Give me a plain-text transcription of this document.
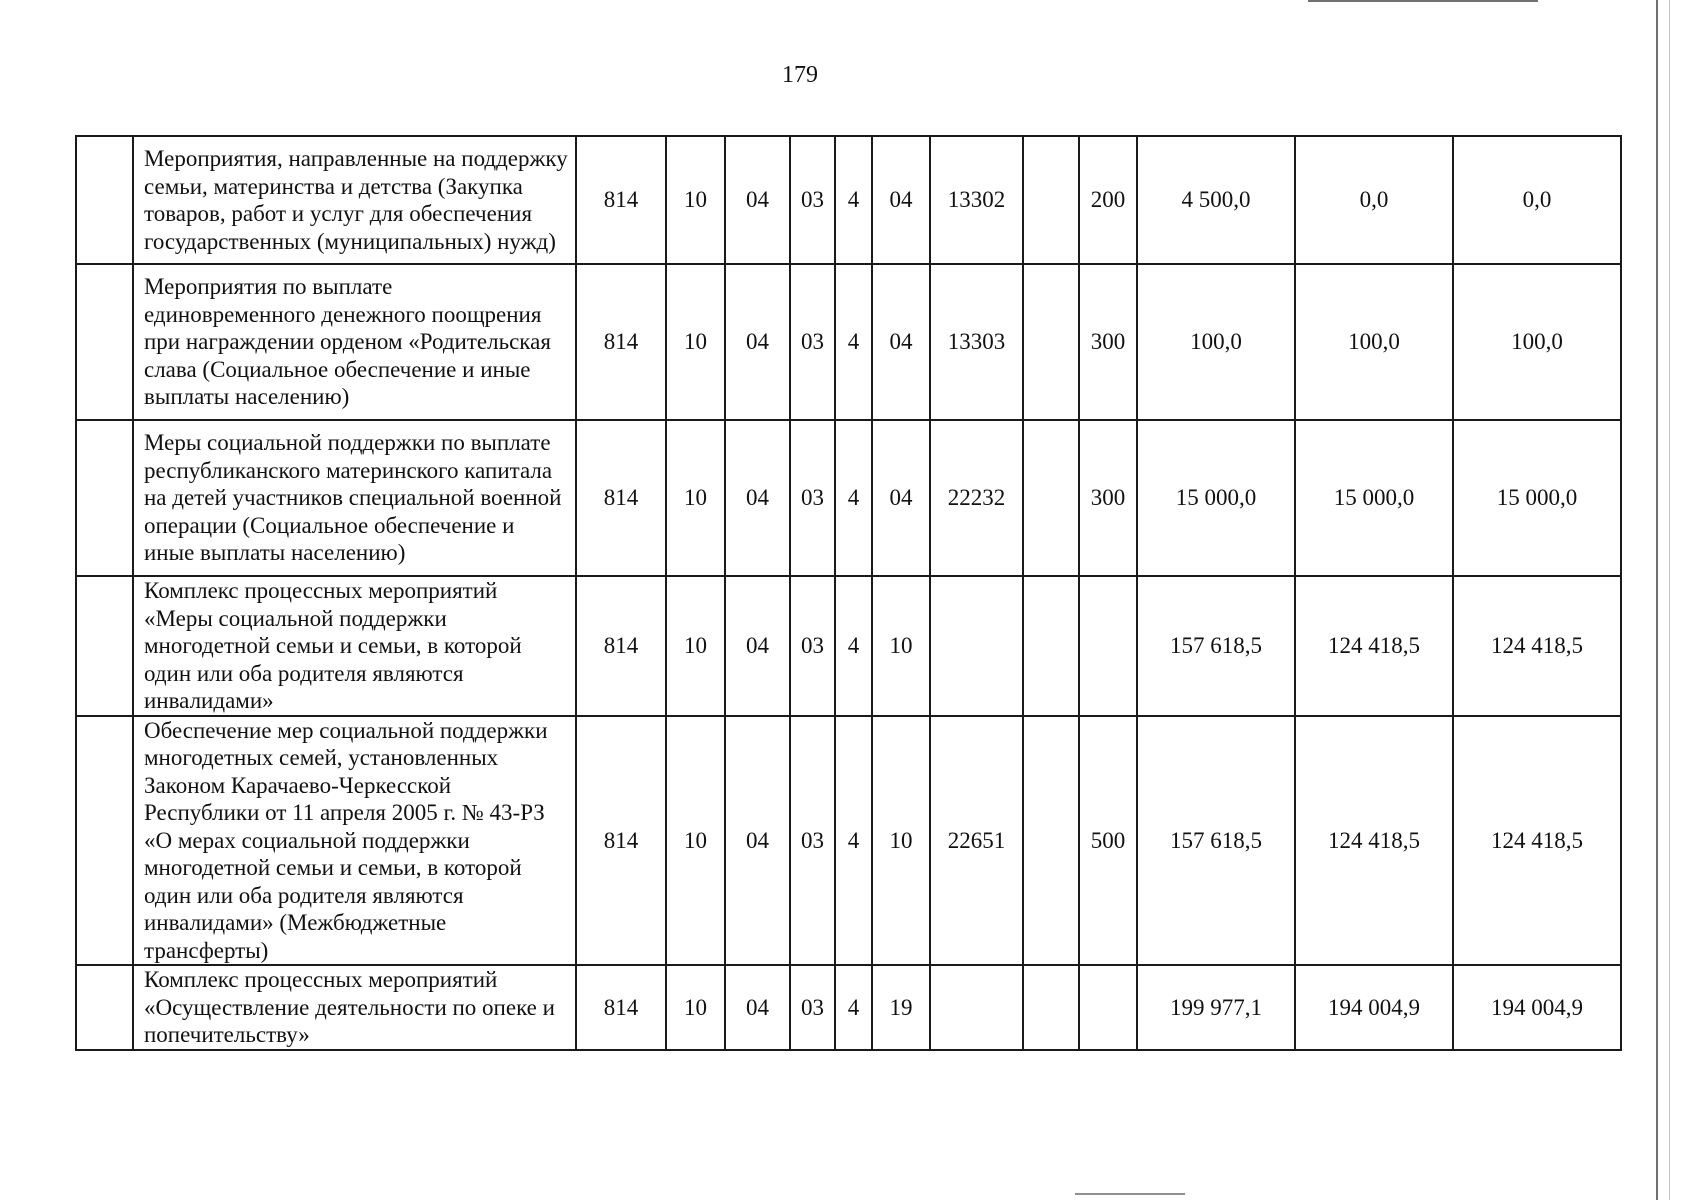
179
	Мероприятия, направленные на поддержку семьи, материнства и детства (Закупка товаров, работ и услуг для обеспечения государственных (муниципальных) нужд)	814	10	04	03	4	04	13302		200	4 500,0	0,0	0,0
	Мероприятия по выплате единовременного денежного поощрения при награждении орденом «Родительская слава (Социальное обеспечение и иные выплаты населению)	814	10	04	03	4	04	13303		300	100,0	100,0	100,0
	Меры социальной поддержки по выплате республиканского материнского капитала на детей участников специальной военной операции (Социальное обеспечение и иные выплаты населению)	814	10	04	03	4	04	22232		300	15 000,0	15 000,0	15 000,0
	Комплекс процессных мероприятий «Меры социальной поддержки многодетной семьи и семьи, в которой один или оба родителя являются инвалидами»	814	10	04	03	4	10				157 618,5	124 418,5	124 418,5
	Обеспечение мер социальной поддержки многодетных семей, установленных Законом Карачаево-Черкесской Республики от 11 апреля 2005 г. № 43-РЗ «О мерах социальной поддержки многодетной семьи и семьи, в которой один или оба родителя являются инвалидами» (Межбюджетные трансферты)	814	10	04	03	4	10	22651		500	157 618,5	124 418,5	124 418,5
	Комплекс процессных мероприятий «Осуществление деятельности по опеке и попечительству»	814	10	04	03	4	19				199 977,1	194 004,9	194 004,9
